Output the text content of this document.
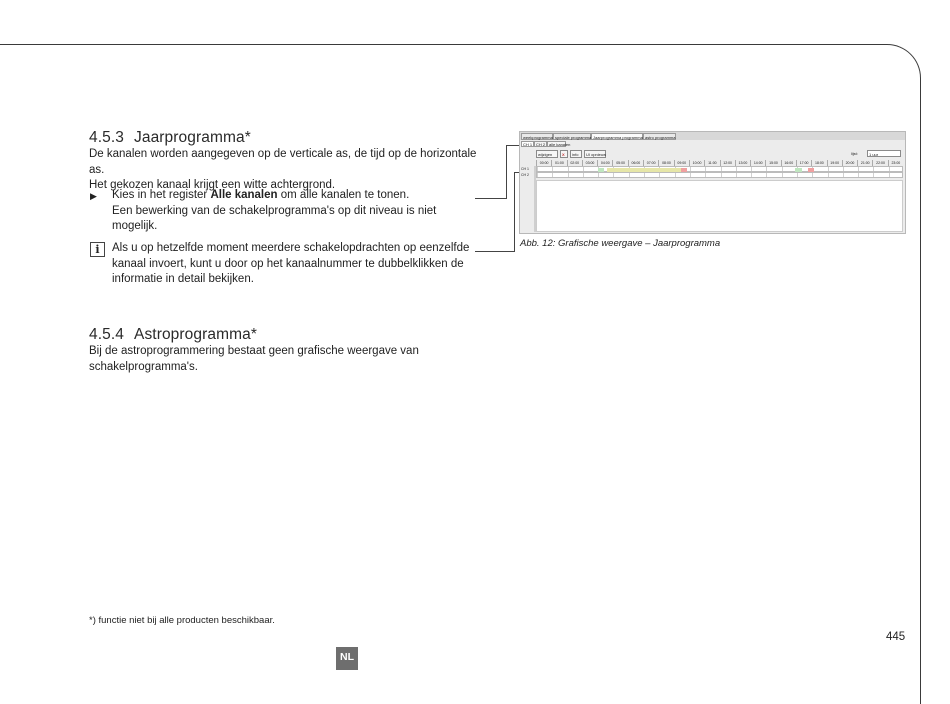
4.5.3 Jaarprogramma*

De kanalen worden aangegeven op de verticale as, de tijd op de horizontale as.

Het gekozen kanaal krijgt een witte achtergrond.

▶ Kies in het register Alle kanalen om alle kanalen te tonen.

Een bewerking van de schakelprogramma's op dit niveau is niet mogelijk.

i	Als u op hetzelfde moment meerdere schakelopdrachten op eenzelfde

kanaal invoert, kunt u door op het kanaalnummer te dubbelklikken de

informatie in detail bekijken.

weekprogramma speciale programma Jaarprogramma programma astro programma
CH 1 CH 2 alle kanalen
wijzigen	X	info	UI opnieuw	lijst:	1 uur
00:00	01:00	02:00	03:00	04:00	05:00	06:00	07:00	08:00	09:00	10:00	11:00	12:00	13:00	14:00	15:00	16:00	17:00	18:00	19:00	20:00	21:00	22:00	23:00
CH 1
CH 2
Abb. 12: Grafische weergave – Jaarprogramma
4.5.4 Astroprogramma*

Bij de astroprogrammering bestaat geen grafische weergave van

schakelprogramma's.

*) functie niet bij alle producten beschikbaar.
445
NL
